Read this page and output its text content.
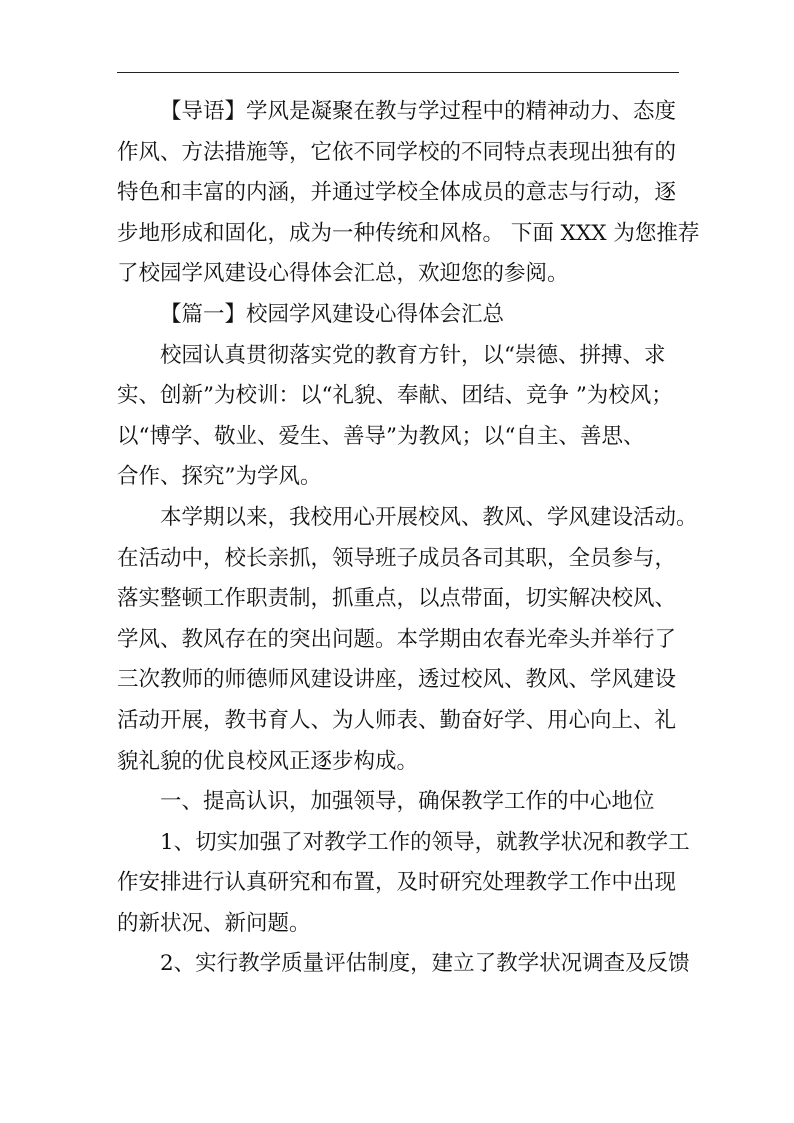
【导语】学风是凝聚在教与学过程中的精神动力、态度
作风、方法措施等，它依不同学校的不同特点表现出独有的
特色和丰富的内涵，并通过学校全体成员的意志与行动，逐
步地形成和固化，成为一种传统和风格。 下面 XXX 为您推荐
了校园学风建设心得体会汇总，欢迎您的参阅。
【篇一】校园学风建设心得体会汇总
校园认真贯彻落实党的教育方针，以“崇德、拼搏、求
实、创新”为校训：以“礼貌、奉献、团结、竞争 ”为校风；
以“博学、敬业、爱生、善导”为教风；以“自主、善思、
合作、探究”为学风。
本学期以来，我校用心开展校风、教风、学风建设活动。
在活动中，校长亲抓，领导班子成员各司其职，全员参与，
落实整顿工作职责制，抓重点，以点带面，切实解决校风、
学风、教风存在的突出问题。本学期由农春光牵头并举行了
三次教师的师德师风建设讲座，透过校风、教风、学风建设
活动开展，教书育人、为人师表、勤奋好学、用心向上、礼
貌礼貌的优良校风正逐步构成。
一、提高认识，加强领导，确保教学工作的中心地位
1、切实加强了对教学工作的领导，就教学状况和教学工
作安排进行认真研究和布置，及时研究处理教学工作中出现
的新状况、新问题。
2、实行教学质量评估制度，建立了教学状况调查及反馈
